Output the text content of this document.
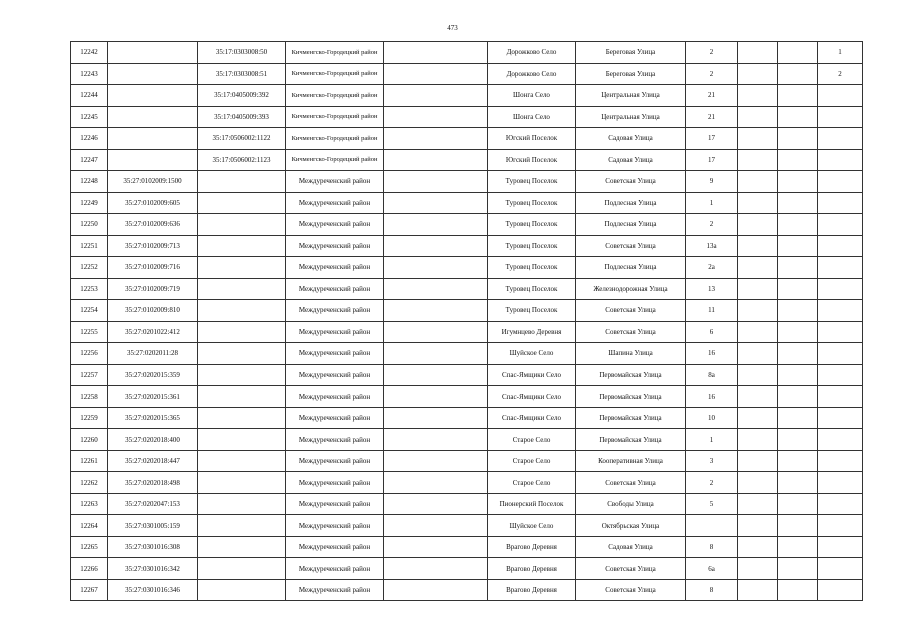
473
12242		35:17:0303008:50	Кичменгско-Городецкий район		Дорожково Село	Береговая Улица	2			1
12243		35:17:0303008:51	Кичменгско-Городецкий район		Дорожково Село	Береговая Улица	2			2
12244		35:17:0405009:392	Кичменгско-Городецкий район		Шонга Село	Центральная Улица	21			
12245		35:17:0405009:393	Кичменгско-Городецкий район		Шонга Село	Центральная Улица	21			
12246		35:17:0506002:1122	Кичменгско-Городецкий район		Югский Поселок	Садовая Улица	17			
12247		35:17:0506002:1123	Кичменгско-Городецкий район		Югский Поселок	Садовая Улица	17			
12248	35:27:0102009:1500		Междуреченский район		Туровец Поселок	Советская Улица	9			
12249	35:27:0102009:605		Междуреченский район		Туровец Поселок	Подлесная Улица	1			
12250	35:27:0102009:636		Междуреченский район		Туровец Поселок	Подлесная Улица	2			
12251	35:27:0102009:713		Междуреченский район		Туровец Поселок	Советская Улица	13а			
12252	35:27:0102009:716		Междуреченский район		Туровец Поселок	Подлесная Улица	2а			
12253	35:27:0102009:719		Междуреченский район		Туровец Поселок	Железнодорожная Улица	13			
12254	35:27:0102009:810		Междуреченский район		Туровец Поселок	Советская Улица	11			
12255	35:27:0201022:412		Междуреченский район		Игумнцево Деревня	Советская Улица	6			
12256	35:27:0202011:28		Междуреченский район		Шуйское Село	Шапина Улица	16			
12257	35:27:0202015:359		Междуреченский район		Спас-Ямщики Село	Первомайская Улица	8а			
12258	35:27:0202015:361		Междуреченский район		Спас-Ямщики Село	Первомайская Улица	16			
12259	35:27:0202015:365		Междуреченский район		Спас-Ямщики Село	Первомайская Улица	10			
12260	35:27:0202018:400		Междуреченский район		Старое Село	Первомайская Улица	1			
12261	35:27:0202018:447		Междуреченский район		Старое Село	Кооперативная Улица	3			
12262	35:27:0202018:498		Междуреченский район		Старое Село	Советская Улица	2			
12263	35:27:0202047:153		Междуреченский район		Пионерский Поселок	Свободы Улица	5			
12264	35:27:0301005:159		Междуреченский район		Шуйское Село	Октябрьская Улица				
12265	35:27:0301016:308		Междуреченский район		Врагово Деревня	Садовая Улица	8			
12266	35:27:0301016:342		Междуреченский район		Врагово Деревня	Советская Улица	6а			
12267	35:27:0301016:346		Междуреченский район		Врагово Деревня	Советская Улица	8			
